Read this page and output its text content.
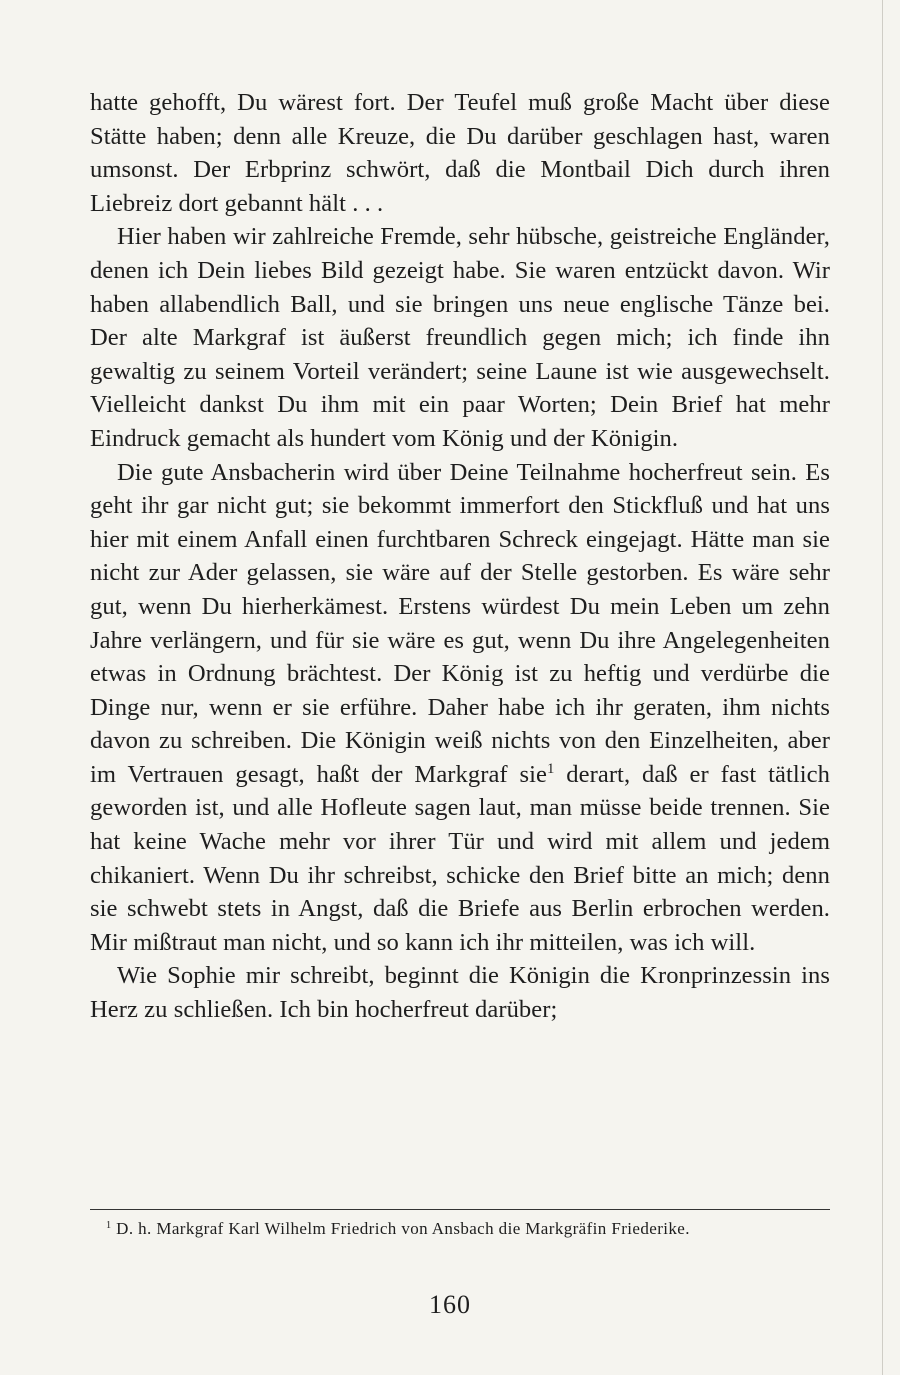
hatte gehofft, Du wärest fort. Der Teufel muß große Macht über diese Stätte haben; denn alle Kreuze, die Du darüber geschlagen hast, waren umsonst. Der Erbprinz schwört, daß die Montbail Dich durch ihren Liebreiz dort gebannt hält . . .

Hier haben wir zahlreiche Fremde, sehr hübsche, geistreiche Engländer, denen ich Dein liebes Bild gezeigt habe. Sie waren entzückt davon. Wir haben allabendlich Ball, und sie bringen uns neue englische Tänze bei. Der alte Markgraf ist äußerst freundlich gegen mich; ich finde ihn gewaltig zu seinem Vorteil verändert; seine Laune ist wie ausgewechselt. Vielleicht dankst Du ihm mit ein paar Worten; Dein Brief hat mehr Eindruck gemacht als hundert vom König und der Königin.

Die gute Ansbacherin wird über Deine Teilnahme hocherfreut sein. Es geht ihr gar nicht gut; sie bekommt immerfort den Stickfluß und hat uns hier mit einem Anfall einen furchtbaren Schreck eingejagt. Hätte man sie nicht zur Ader gelassen, sie wäre auf der Stelle gestorben. Es wäre sehr gut, wenn Du hierherkämest. Erstens würdest Du mein Leben um zehn Jahre verlängern, und für sie wäre es gut, wenn Du ihre Angelegenheiten etwas in Ordnung brächtest. Der König ist zu heftig und verdürbe die Dinge nur, wenn er sie erführe. Daher habe ich ihr geraten, ihm nichts davon zu schreiben. Die Königin weiß nichts von den Einzelheiten, aber im Vertrauen gesagt, haßt der Markgraf sie$^1$ derart, daß er fast tätlich geworden ist, und alle Hofleute sagen laut, man müsse beide trennen. Sie hat keine Wache mehr vor ihrer Tür und wird mit allem und jedem chikaniert. Wenn Du ihr schreibst, schicke den Brief bitte an mich; denn sie schwebt stets in Angst, daß die Briefe aus Berlin erbrochen werden. Mir mißtraut man nicht, und so kann ich ihr mitteilen, was ich will.

Wie Sophie mir schreibt, beginnt die Königin die Kronprinzessin ins Herz zu schließen. Ich bin hocherfreut darüber;

$^1$ D. h. Markgraf Karl Wilhelm Friedrich von Ansbach die Markgräfin Friederike.
160
